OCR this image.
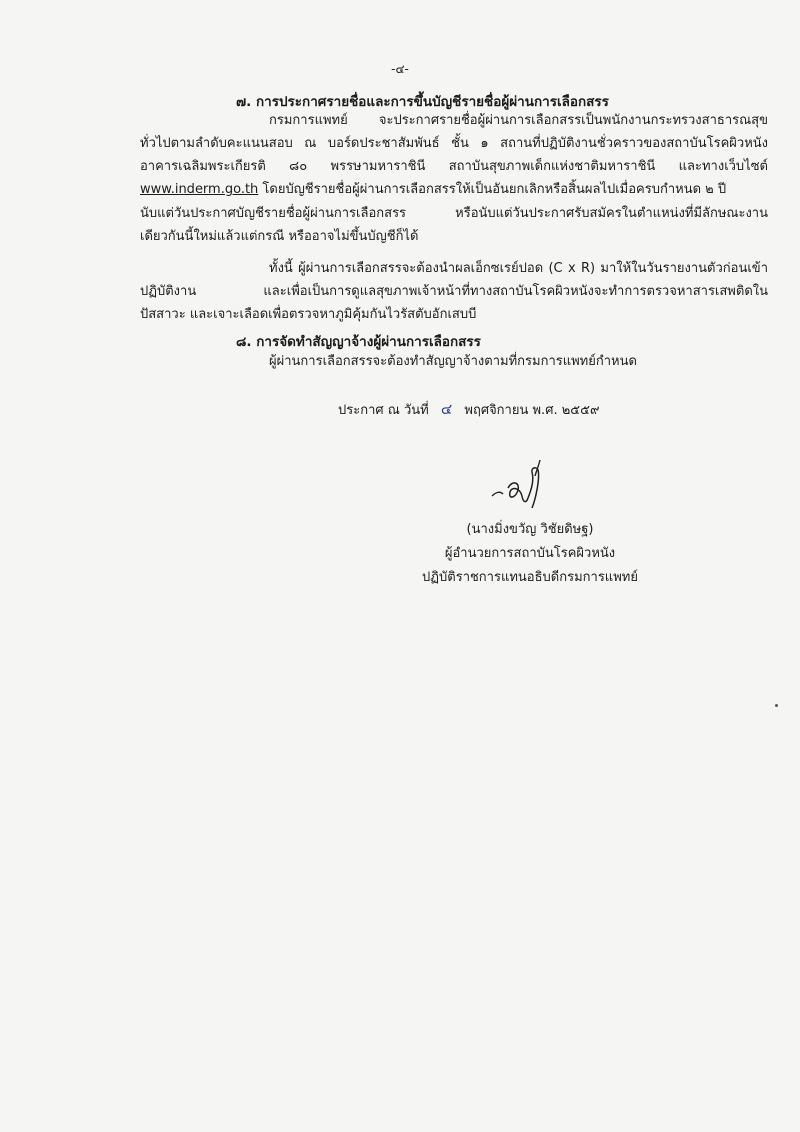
-๔-
๗. การประกาศรายชื่อและการขึ้นบัญชีรายชื่อผู้ผ่านการเลือกสรร
กรมการแพทย์ จะประกาศรายชื่อผู้ผ่านการเลือกสรรเป็นพนักงานกระทรวงสาธารณสุข
ทั่วไปตามลำดับคะแนนสอบ ณ บอร์ดประชาสัมพันธ์ ชั้น ๑ สถานที่ปฏิบัติงานชั่วคราวของสถาบันโรคผิวหนัง
อาคารเฉลิมพระเกียรติ ๘๐ พรรษามหาราชินี สถาบันสุขภาพเด็กแห่งชาติมหาราชินี และทางเว็บไซต์
www.inderm.go.th โดยบัญชีรายชื่อผู้ผ่านการเลือกสรรให้เป็นอันยกเลิกหรือสิ้นผลไปเมื่อครบกำหนด ๒ ปี
นับแต่วันประกาศบัญชีรายชื่อผู้ผ่านการเลือกสรร หรือนับแต่วันประกาศรับสมัครในตำแหน่งที่มีลักษณะงาน
เดียวกันนี้ใหม่แล้วแต่กรณี หรืออาจไม่ขึ้นบัญชีก็ได้
ทั้งนี้ ผู้ผ่านการเลือกสรรจะต้องนำผลเอ็กซเรย์ปอด (C x R) มาให้ในวันรายงานตัวก่อนเข้า
ปฏิบัติงาน และเพื่อเป็นการดูแลสุขภาพเจ้าหน้าที่ทางสถาบันโรคผิวหนังจะทำการตรวจหาสารเสพติดใน
ปัสสาวะ และเจาะเลือดเพื่อตรวจหาภูมิคุ้มกันไวรัสตับอักเสบบี
๘. การจัดทำสัญญาจ้างผู้ผ่านการเลือกสรร
ผู้ผ่านการเลือกสรรจะต้องทำสัญญาจ้างตามที่กรมการแพทย์กำหนด
ประกาศ ณ วันที่ ๔ พฤศจิกายน พ.ศ. ๒๕๕๙
(นางมิ่งขวัญ วิชัยดิษฐ)
ผู้อำนวยการสถาบันโรคผิวหนัง
ปฏิบัติราชการแทนอธิบดีกรมการแพทย์
